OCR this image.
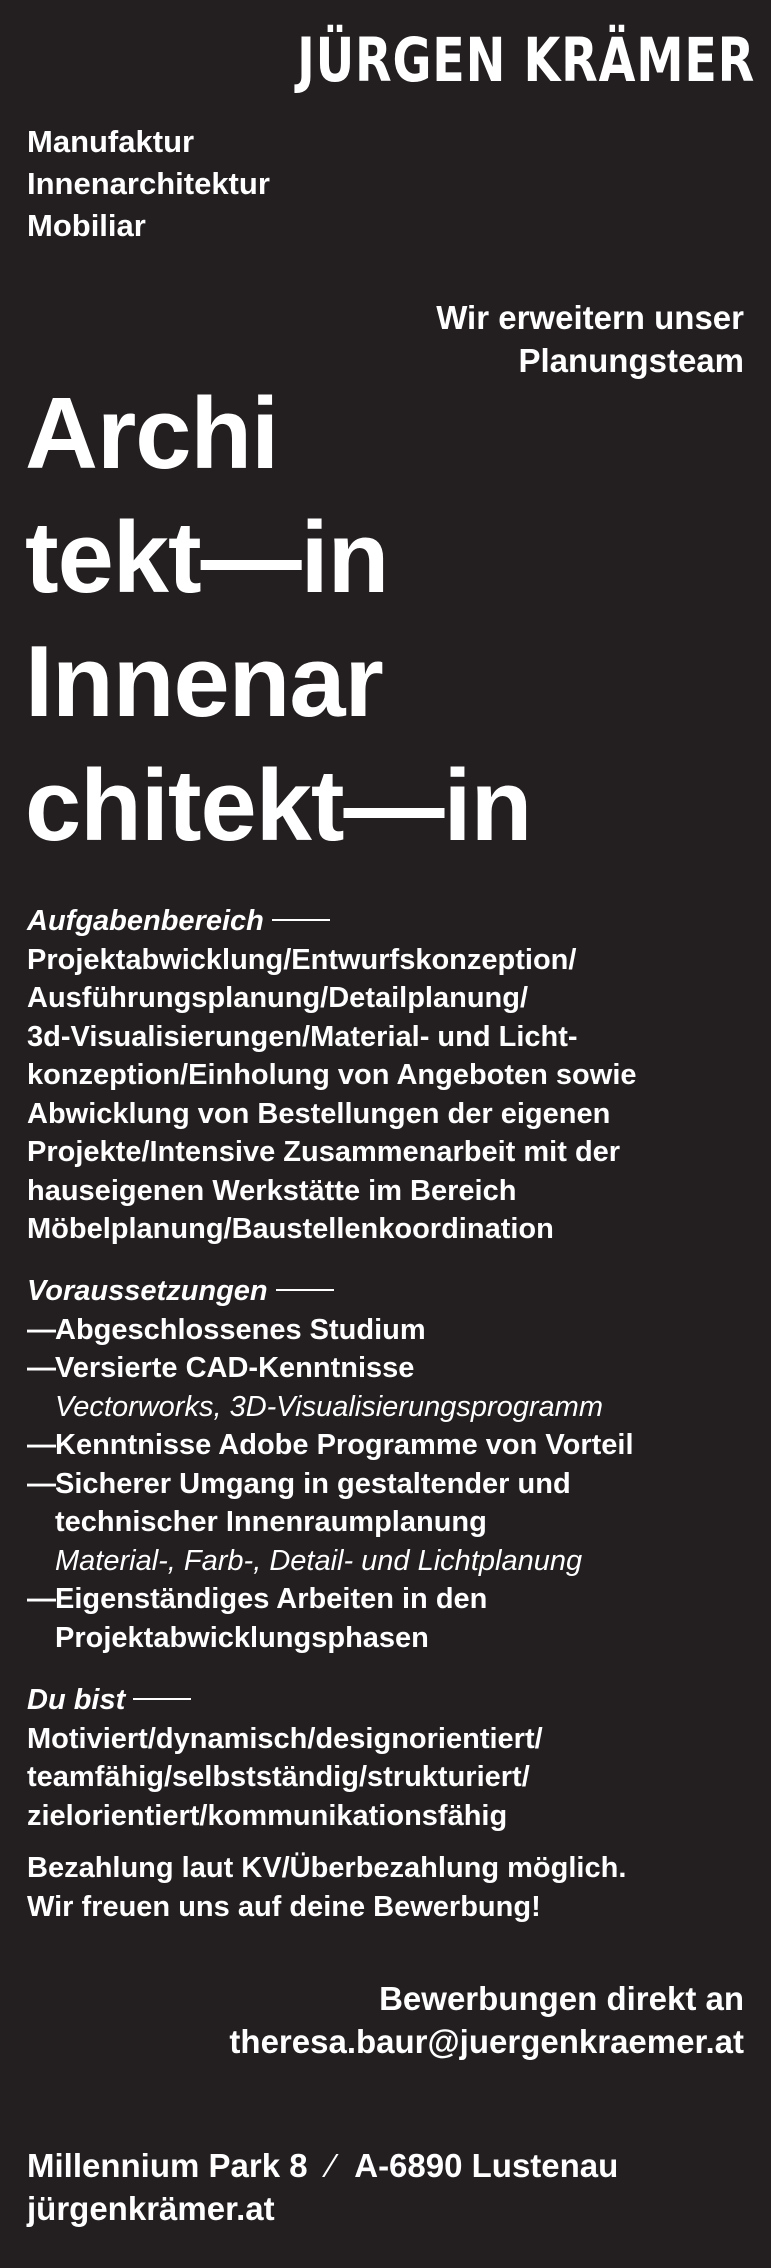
JÜRGEN KRÄMER
Manufaktur
Innenarchitektur
Mobiliar
Wir erweitern unser
Planungsteam
Archi
tekt—in
Innenar
chitekt—in
Aufgabenbereich
Projektabwicklung/Entwurfskonzeption/
Ausführungsplanung/Detailplanung/
3d-Visualisierungen/Material- und Licht-
konzeption/Einholung von Angeboten sowie
Abwicklung von Bestellungen der eigenen
Projekte/Intensive Zusammenarbeit mit der
hauseigenen Werkstätte im Bereich
Möbelplanung/Baustellenkoordination
Voraussetzungen
— Abgeschlossenes Studium
— Versierte CAD-Kenntnisse
Vectorworks, 3D-Visualisierungsprogramm
— Kenntnisse Adobe Programme von Vorteil
— Sicherer Umgang in gestaltender und
technischer Innenraumplanung
Material-, Farb-, Detail- und Lichtplanung
— Eigenständiges Arbeiten in den
Projektabwicklungsphasen
Du bist
Motiviert/dynamisch/designorientiert/
teamfähig/selbstständig/strukturiert/
zielorientiert/kommunikationsfähig
Bezahlung laut KV/Überbezahlung möglich.
Wir freuen uns auf deine Bewerbung!
Bewerbungen direkt an
theresa.baur@juergenkraemer.at
Millennium Park 8 ⁄ A-6890 Lustenau
jürgenkrämer.at
